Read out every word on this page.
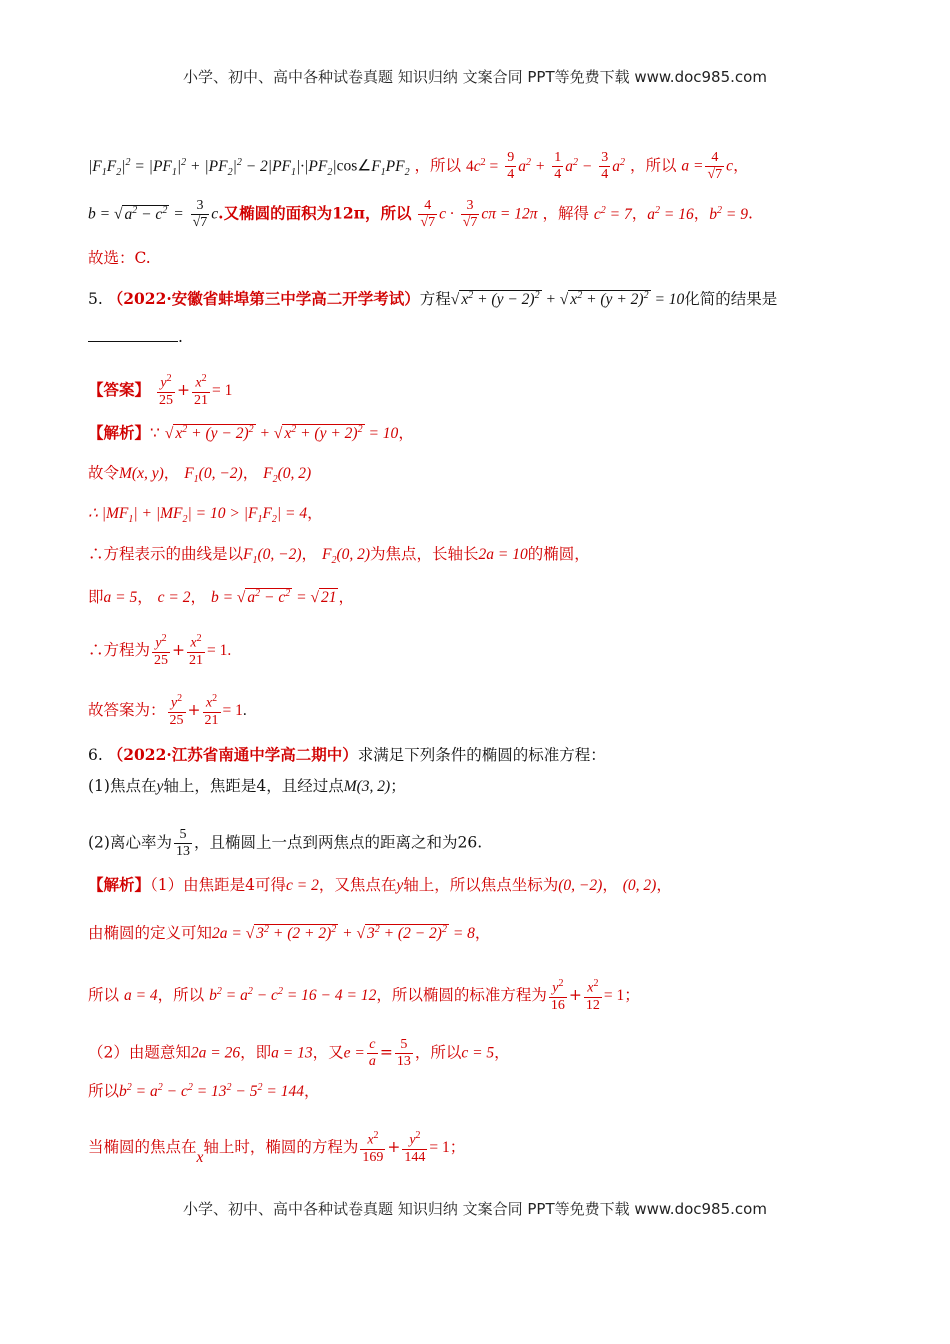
小学、初中、高中各种试卷真题 知识归纳 文案合同 PPT等免费下载 www.doc985.com
$|F_1F_2|^2 = |PF_1|^2 + |PF_2|^2$ − $2|PF_1|\cdot|PF_2|\cos\angle F_1PF_2$ ，所以 $4c^2 = \frac{9}{4} a^2 + \frac{1}{4} a^2 - \frac{3}{4} a^2$ ，所以 $a = \frac{4}{√7}$ c，
b = √ $a^2 - c^2 = \frac{3}{√7} c$.又椭圆的面积为12π，所以 $\frac{4}{√7}$ $c \cdot \frac{3}{√7}$ cπ = 12π ，解得 $c^2 = 7$，$a^2 = 16$，$b^2 = 9$.
故选：C.
5. （2022·安徽省蚌埠第三中学高二开学考试）方程√ $x^2 + (y - 2)^2$ + √ $x^2 + (y + 2)^2 = 10$化简的结果是
.
【答案】 $\frac{y^2}{25} + \frac{x^2}{21} = 1$
【解析】∵ √ $x^2 + (y - 2)^2$ + √ $x^2 + (y + 2)^2 = 10$，
故令M(x, y)， $F_1(0$, −2)， $F_2(0$, 2)
∴ $|MF_1| + |MF_2| = 10 > |F_1F_2| = 4$，
∴方程表示的曲线是以$F_1(0$, −2)， $F_2(0$, 2)为焦点，长轴长2a = 10的椭圆，
即a = 5， c = 2， b = √ $a^2 - c^2$ = √ 21 ，
∴方程为 $\frac{y^2}{25} + \frac{x^2}{21} = 1$.
故答案为： $\frac{y^2}{25} + \frac{x^2}{21} = 1$.
6. （2022·江苏省南通中学高二期中）求满足下列条件的椭圆的标准方程：
(1)焦点在y轴上，焦距是4，且经过点M(3, 2)；
(2)离心率为 $\frac{5}{13}$ ，且椭圆上一点到两焦点的距离之和为26.
【解析】（1）由焦距是4可得c = 2，又焦点在y轴上，所以焦点坐标为(0, −2)， (0, 2)，
由椭圆的定义可知2a = √ $3^2 + (2 + 2)^2$ + √ $3^2 + (2 - 2)^2 = 8$，
所以 a = 4，所以 $b^2 = a^2 - c^2 = 16 - 4 = 12$，所以椭圆的标准方程为 $\frac{y^2}{16} + \frac{x^2}{12} = 1$；
（2）由题意知2a = 26，即a = 13，又$e = \frac{c}{a} = \frac{5}{13}$ ，所以c = 5，
所以$b^2 = a^2 - c^2 = 13^2 - 5^2 = 144$，
当椭圆的焦点在x轴上时，椭圆的方程为 $\frac{x^2}{169} + \frac{y^2}{144} = 1$；
小学、初中、高中各种试卷真题 知识归纳 文案合同 PPT等免费下载 www.doc985.com
